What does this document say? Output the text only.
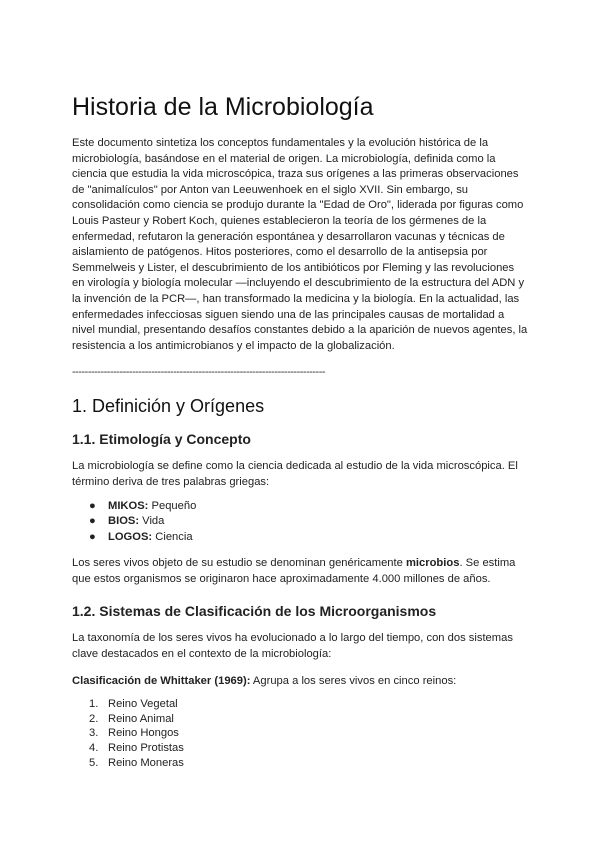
Historia de la Microbiología

Este documento sintetiza los conceptos fundamentales y la evolución histórica de la microbiología, basándose en el material de origen. La microbiología, definida como la ciencia que estudia la vida microscópica, traza sus orígenes a las primeras observaciones de "animalículos" por Anton van Leeuwenhoek en el siglo XVII. Sin embargo, su consolidación como ciencia se produjo durante la "Edad de Oro", liderada por figuras como Louis Pasteur y Robert Koch, quienes establecieron la teoría de los gérmenes de la enfermedad, refutaron la generación espontánea y desarrollaron vacunas y técnicas de aislamiento de patógenos. Hitos posteriores, como el desarrollo de la antisepsia por Semmelweis y Lister, el descubrimiento de los antibióticos por Fleming y las revoluciones en virología y biología molecular —incluyendo el descubrimiento de la estructura del ADN y la invención de la PCR—, han transformado la medicina y la biología. En la actualidad, las enfermedades infecciosas siguen siendo una de las principales causas de mortalidad a nivel mundial, presentando desafíos constantes debido a la aparición de nuevos agentes, la resistencia a los antimicrobianos y el impacto de la globalización.

--------------------------------------------------------------------------------
1. Definición y Orígenes
1.1. Etimología y Concepto

La microbiología se define como la ciencia dedicada al estudio de la vida microscópica. El término deriva de tres palabras griegas:

● MIKOS: Pequeño
● BIOS: Vida
● LOGOS: Ciencia

Los seres vivos objeto de su estudio se denominan genéricamente microbios. Se estima que estos organismos se originaron hace aproximadamente 4.000 millones de años.

1.2. Sistemas de Clasificación de los Microorganismos

La taxonomía de los seres vivos ha evolucionado a lo largo del tiempo, con dos sistemas clave destacados en el contexto de la microbiología:

Clasificación de Whittaker (1969): Agrupa a los seres vivos en cinco reinos:

1. Reino Vegetal
2. Reino Animal
3. Reino Hongos
4. Reino Protistas
5. Reino Moneras
